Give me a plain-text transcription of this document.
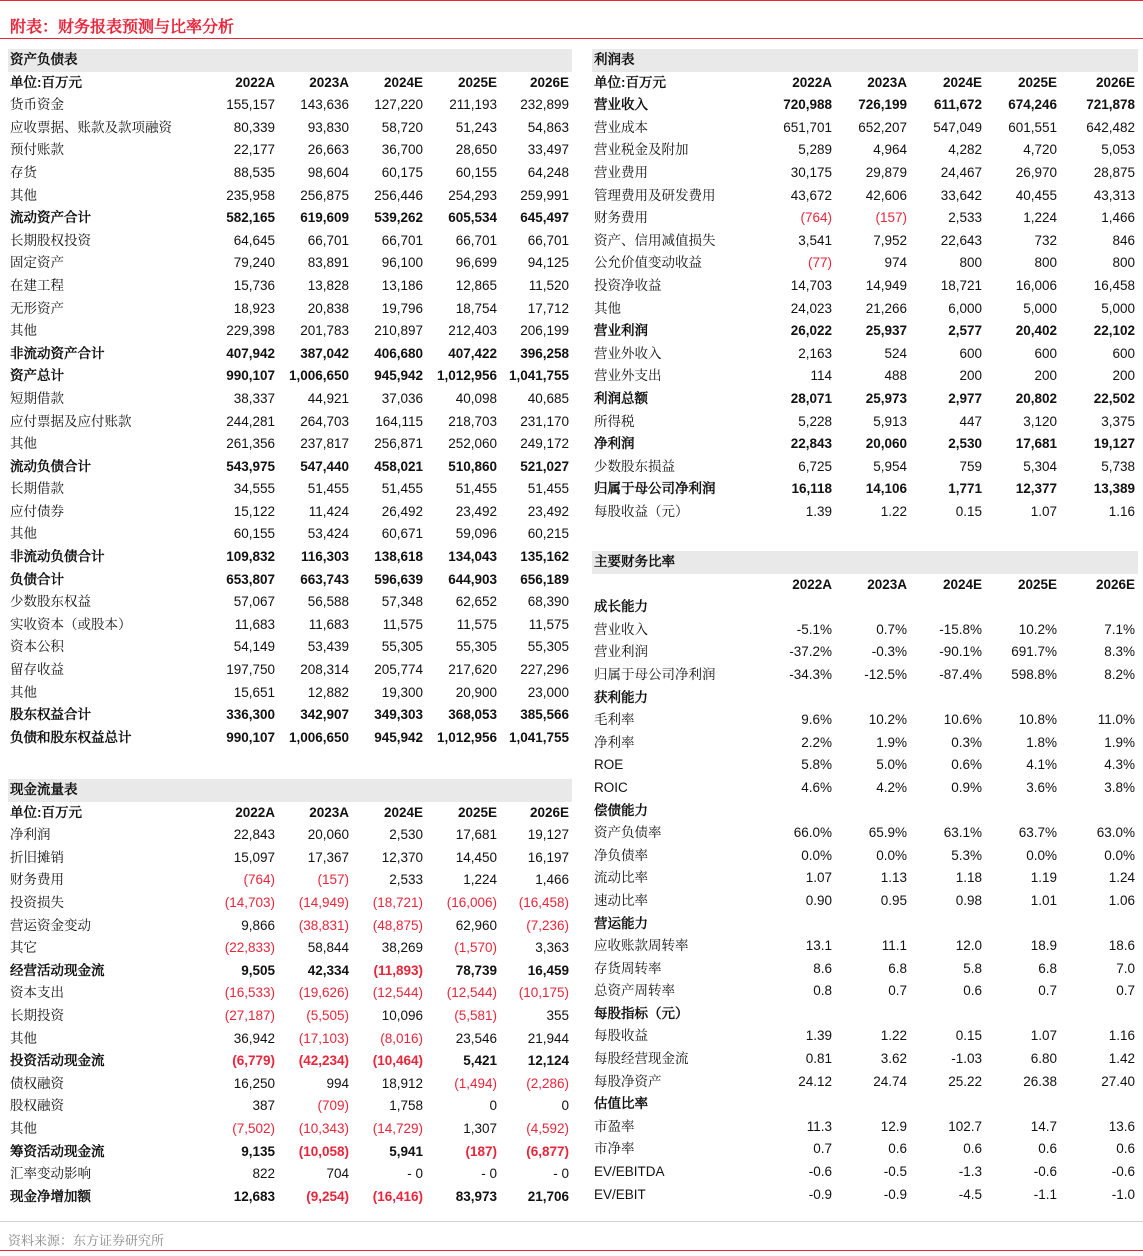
附表：财务报表预测与比率分析
资产负债表					
单位:百万元	2022A	2023A	2024E	2025E	2026E
货币资金	155,157	143,636	127,220	211,193	232,899
应收票据、账款及款项融资	80,339	93,830	58,720	51,243	54,863
预付账款	22,177	26,663	36,700	28,650	33,497
存货	88,535	98,604	60,175	60,155	64,248
其他	235,958	256,875	256,446	254,293	259,991
流动资产合计	582,165	619,609	539,262	605,534	645,497
长期股权投资	64,645	66,701	66,701	66,701	66,701
固定资产	79,240	83,891	96,100	96,699	94,125
在建工程	15,736	13,828	13,186	12,865	11,520
无形资产	18,923	20,838	19,796	18,754	17,712
其他	229,398	201,783	210,897	212,403	206,199
非流动资产合计	407,942	387,042	406,680	407,422	396,258
资产总计	990,107	1,006,650	945,942	1,012,956	1,041,755
短期借款	38,337	44,921	37,036	40,098	40,685
应付票据及应付账款	244,281	264,703	164,115	218,703	231,170
其他	261,356	237,817	256,871	252,060	249,172
流动负债合计	543,975	547,440	458,021	510,860	521,027
长期借款	34,555	51,455	51,455	51,455	51,455
应付债券	15,122	11,424	26,492	23,492	23,492
其他	60,155	53,424	60,671	59,096	60,215
非流动负债合计	109,832	116,303	138,618	134,043	135,162
负债合计	653,807	663,743	596,639	644,903	656,189
少数股东权益	57,067	56,588	57,348	62,652	68,390
实收资本（或股本）	11,683	11,683	11,575	11,575	11,575
资本公积	54,149	53,439	55,305	55,305	55,305
留存收益	197,750	208,314	205,774	217,620	227,296
其他	15,651	12,882	19,300	20,900	23,000
股东权益合计	336,300	342,907	349,303	368,053	385,566
负债和股东权益总计	990,107	1,006,650	945,942	1,012,956	1,041,755
利润表					
单位:百万元	2022A	2023A	2024E	2025E	2026E
营业收入	720,988	726,199	611,672	674,246	721,878
营业成本	651,701	652,207	547,049	601,551	642,482
营业税金及附加	5,289	4,964	4,282	4,720	5,053
营业费用	30,175	29,879	24,467	26,970	28,875
管理费用及研发费用	43,672	42,606	33,642	40,455	43,313
财务费用	(764)	(157)	2,533	1,224	1,466
资产、信用减值损失	3,541	7,952	22,643	732	846
公允价值变动收益	(77)	974	800	800	800
投资净收益	14,703	14,949	18,721	16,006	16,458
其他	24,023	21,266	6,000	5,000	5,000
营业利润	26,022	25,937	2,577	20,402	22,102
营业外收入	2,163	524	600	600	600
营业外支出	114	488	200	200	200
利润总额	28,071	25,973	2,977	20,802	22,502
所得税	5,228	5,913	447	3,120	3,375
净利润	22,843	20,060	2,530	17,681	19,127
少数股东损益	6,725	5,954	759	5,304	5,738
归属于母公司净利润	16,118	14,106	1,771	12,377	13,389
每股收益（元）	1.39	1.22	0.15	1.07	1.16
现金流量表					
单位:百万元	2022A	2023A	2024E	2025E	2026E
净利润	22,843	20,060	2,530	17,681	19,127
折旧摊销	15,097	17,367	12,370	14,450	16,197
财务费用	(764)	(157)	2,533	1,224	1,466
投资损失	(14,703)	(14,949)	(18,721)	(16,006)	(16,458)
营运资金变动	9,866	(38,831)	(48,875)	62,960	(7,236)
其它	(22,833)	58,844	38,269	(1,570)	3,363
经营活动现金流	9,505	42,334	(11,893)	78,739	16,459
资本支出	(16,533)	(19,626)	(12,544)	(12,544)	(10,175)
长期投资	(27,187)	(5,505)	10,096	(5,581)	355
其他	36,942	(17,103)	(8,016)	23,546	21,944
投资活动现金流	(6,779)	(42,234)	(10,464)	5,421	12,124
债权融资	16,250	994	18,912	(1,494)	(2,286)
股权融资	387	(709)	1,758	0	0
其他	(7,502)	(10,343)	(14,729)	1,307	(4,592)
筹资活动现金流	9,135	(10,058)	5,941	(187)	(6,877)
汇率变动影响	822	704	- 0	- 0	- 0
现金净增加额	12,683	(9,254)	(16,416)	83,973	21,706
主要财务比率					
	2022A	2023A	2024E	2025E	2026E
成长能力					
营业收入	-5.1%	0.7%	-15.8%	10.2%	7.1%
营业利润	-37.2%	-0.3%	-90.1%	691.7%	8.3%
归属于母公司净利润	-34.3%	-12.5%	-87.4%	598.8%	8.2%
获利能力					
毛利率	9.6%	10.2%	10.6%	10.8%	11.0%
净利率	2.2%	1.9%	0.3%	1.8%	1.9%
ROE	5.8%	5.0%	0.6%	4.1%	4.3%
ROIC	4.6%	4.2%	0.9%	3.6%	3.8%
偿债能力					
资产负债率	66.0%	65.9%	63.1%	63.7%	63.0%
净负债率	0.0%	0.0%	5.3%	0.0%	0.0%
流动比率	1.07	1.13	1.18	1.19	1.24
速动比率	0.90	0.95	0.98	1.01	1.06
营运能力					
应收账款周转率	13.1	11.1	12.0	18.9	18.6
存货周转率	8.6	6.8	5.8	6.8	7.0
总资产周转率	0.8	0.7	0.6	0.7	0.7
每股指标（元）					
每股收益	1.39	1.22	0.15	1.07	1.16
每股经营现金流	0.81	3.62	-1.03	6.80	1.42
每股净资产	24.12	24.74	25.22	26.38	27.40
估值比率					
市盈率	11.3	12.9	102.7	14.7	13.6
市净率	0.7	0.6	0.6	0.6	0.6
EV/EBITDA	-0.6	-0.5	-1.3	-0.6	-0.6
EV/EBIT	-0.9	-0.9	-4.5	-1.1	-1.0
资料来源：东方证券研究所
